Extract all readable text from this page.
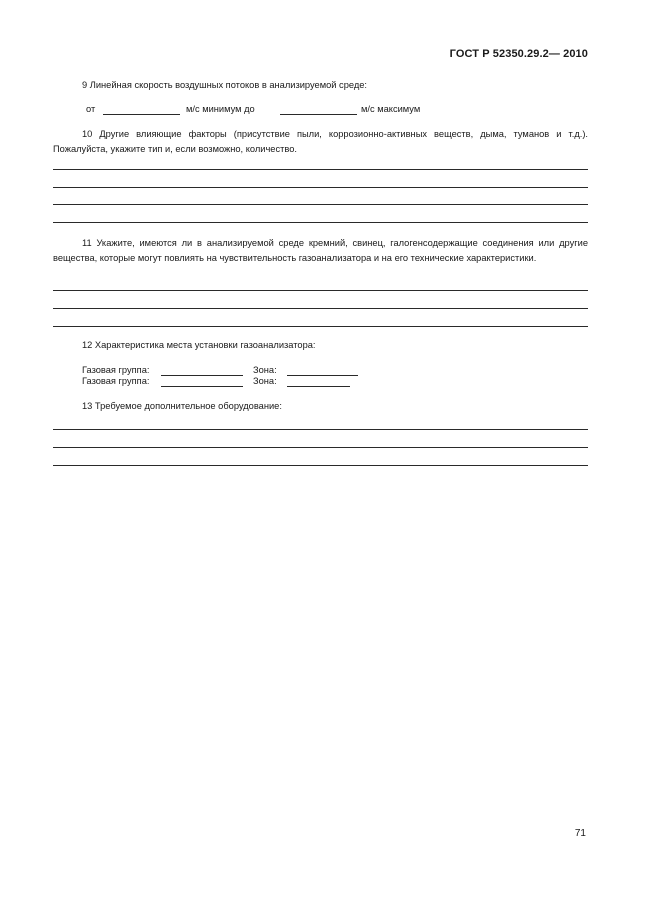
ГОСТ Р 52350.29.2— 2010
9 Линейная скорость воздушных потоков в анализируемой среде:
от	м/с минимум до	м/с максимум
10 Другие влияющие факторы (присутствие пыли, коррозионно-активных веществ, дыма, туманов и т.д.). Пожалуйста, укажите тип и, если возможно, количество.
11 Укажите, имеются ли в анализируемой среде кремний, свинец, галогенсодержащие соединения или другие вещества, которые могут повлиять на чувствительность газоанализатора и на его технические характеристики.
12 Характеристика места установки газоанализатора:
Газовая группа:	Зона:
Газовая группа:	Зона:
13 Требуемое дополнительное оборудование:
71
